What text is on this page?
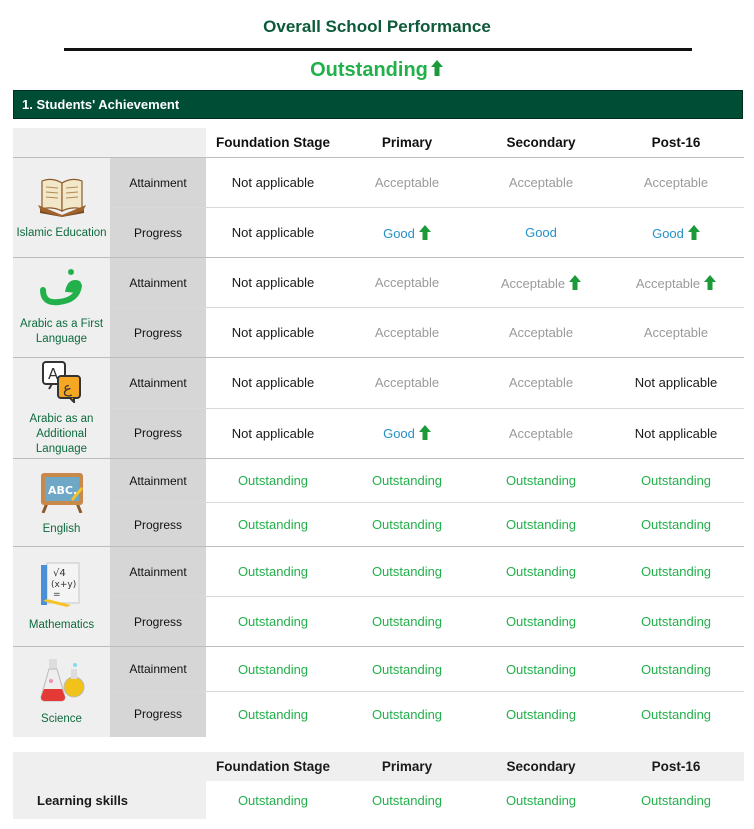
Overall School Performance
Outstanding
1. Students' Achievement
		Foundation Stage	Primary	Secondary	Post-16

Islamic Education	Attainment	Not applicable	Acceptable	Acceptable	Acceptable
	Progress	Not applicable	Good	Good	Good

Arabic as a First Language	Attainment	Not applicable	Acceptable	Acceptable	Acceptable
	Progress	Not applicable	Acceptable	Acceptable	Acceptable

A
ع
Arabic as an Additional Language	Attainment	Not applicable	Acceptable	Acceptable	Not applicable
	Progress	Not applicable	Good	Acceptable	Not applicable

ABC.
English	Attainment	Outstanding	Outstanding	Outstanding	Outstanding
	Progress	Outstanding	Outstanding	Outstanding	Outstanding

√4
(x+y)
=
Mathematics	Attainment	Outstanding	Outstanding	Outstanding	Outstanding
	Progress	Outstanding	Outstanding	Outstanding	Outstanding

Science	Attainment	Outstanding	Outstanding	Outstanding	Outstanding
	Progress	Outstanding	Outstanding	Outstanding	Outstanding
	Foundation Stage	Primary	Secondary	Post-16
Learning skills	Outstanding	Outstanding	Outstanding	Outstanding
